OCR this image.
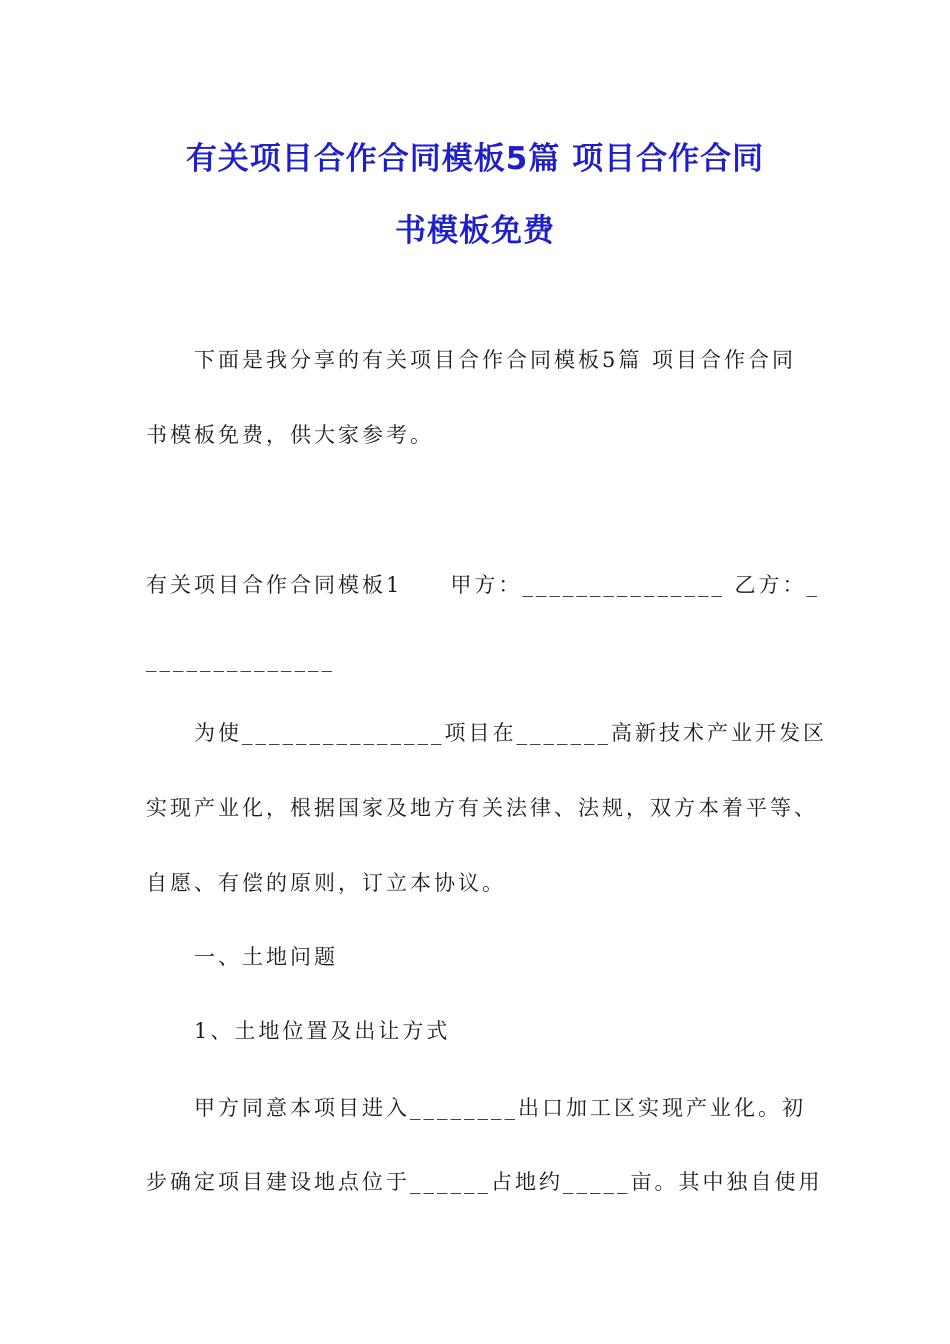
有关项目合作合同模板5篇 项目合作合同
书模板免费
下面是我分享的有关项目合作合同模板5篇 项目合作合同
书模板免费，供大家参考。
有关项目合作合同模板1　　甲方：_______________ 乙方：_
______________
为使_______________项目在_______高新技术产业开发区
实现产业化，根据国家及地方有关法律、法规，双方本着平等、
自愿、有偿的原则，订立本协议。
一、土地问题
1、土地位置及出让方式
甲方同意本项目进入________出口加工区实现产业化。初
步确定项目建设地点位于______占地约_____亩。其中独自使用
